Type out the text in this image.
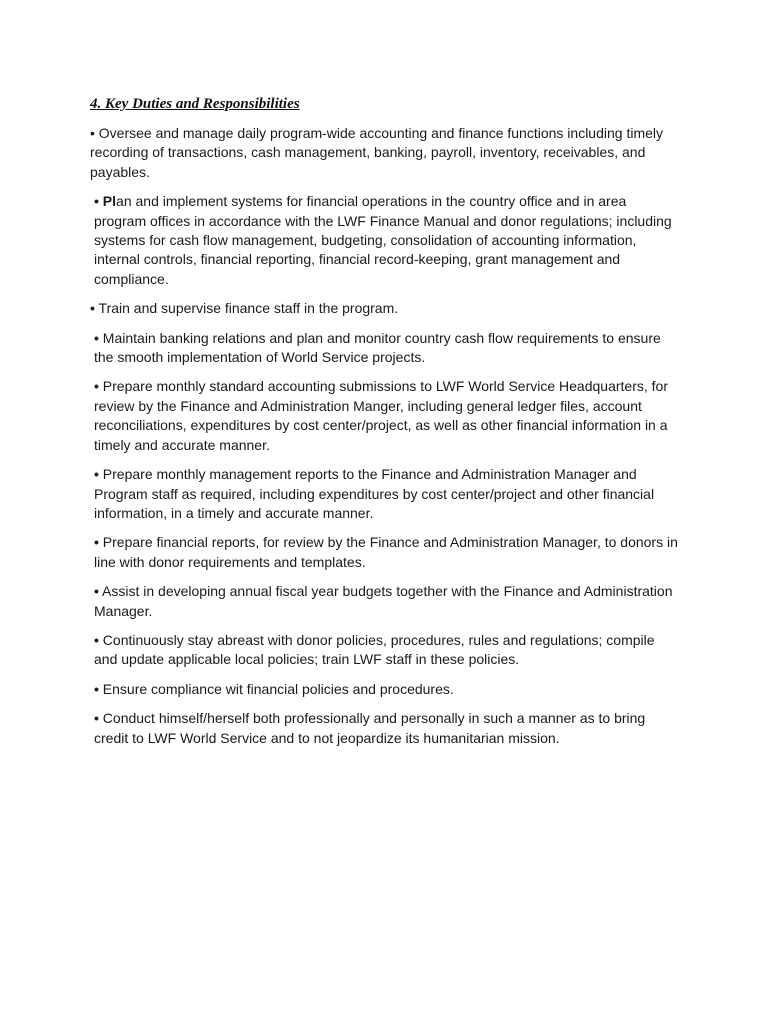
4. Key Duties and Responsibilities

• Oversee and manage daily program-wide accounting and finance functions including timely recording of transactions, cash management, banking, payroll, inventory, receivables, and payables.

• Plan and implement systems for financial operations in the country office and in area program offices in accordance with the LWF Finance Manual and donor regulations; including systems for cash flow management, budgeting, consolidation of accounting information, internal controls, financial reporting, financial record-keeping, grant management and compliance.

• Train and supervise finance staff in the program.

• Maintain banking relations and plan and monitor country cash flow requirements to ensure the smooth implementation of World Service projects.

• Prepare monthly standard accounting submissions to LWF World Service Headquarters, for review by the Finance and Administration Manger, including general ledger files, account reconciliations, expenditures by cost center/project, as well as other financial information in a timely and accurate manner.

• Prepare monthly management reports to the Finance and Administration Manager and Program staff as required, including expenditures by cost center/project and other financial information, in a timely and accurate manner.

• Prepare financial reports, for review by the Finance and Administration Manager, to donors in line with donor requirements and templates.

• Assist in developing annual fiscal year budgets together with the Finance and Administration Manager.

• Continuously stay abreast with donor policies, procedures, rules and regulations; compile and update applicable local policies; train LWF staff in these policies.

• Ensure compliance wit financial policies and procedures.

• Conduct himself/herself both professionally and personally in such a manner as to bring credit to LWF World Service and to not jeopardize its humanitarian mission.
